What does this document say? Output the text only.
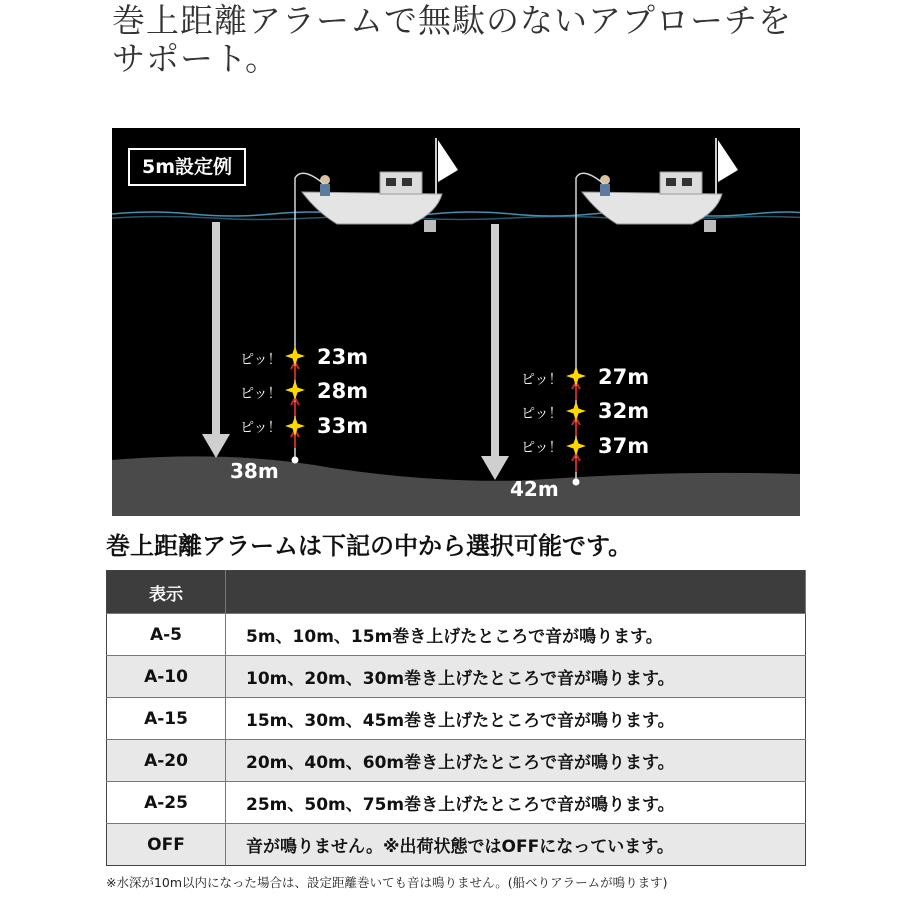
巻上距離アラームで無駄のないアプローチを
サポート。
ピッ！
ピッ！
ピッ！
23m
28m
33m
38m
ピッ！
ピッ！
ピッ！
27m
32m
37m
42m
5m設定例
巻上距離アラームは下記の中から選択可能です。
表示	
A-5	5m、10m、15m巻き上げたところで音が鳴ります。
A-10	10m、20m、30m巻き上げたところで音が鳴ります。
A-15	15m、30m、45m巻き上げたところで音が鳴ります。
A-20	20m、40m、60m巻き上げたところで音が鳴ります。
A-25	25m、50m、75m巻き上げたところで音が鳴ります。
OFF	音が鳴りません。※出荷状態ではOFFになっています。
※水深が10m以内になった場合は、設定距離巻いても音は鳴りません。(船べりアラームが鳴ります)
